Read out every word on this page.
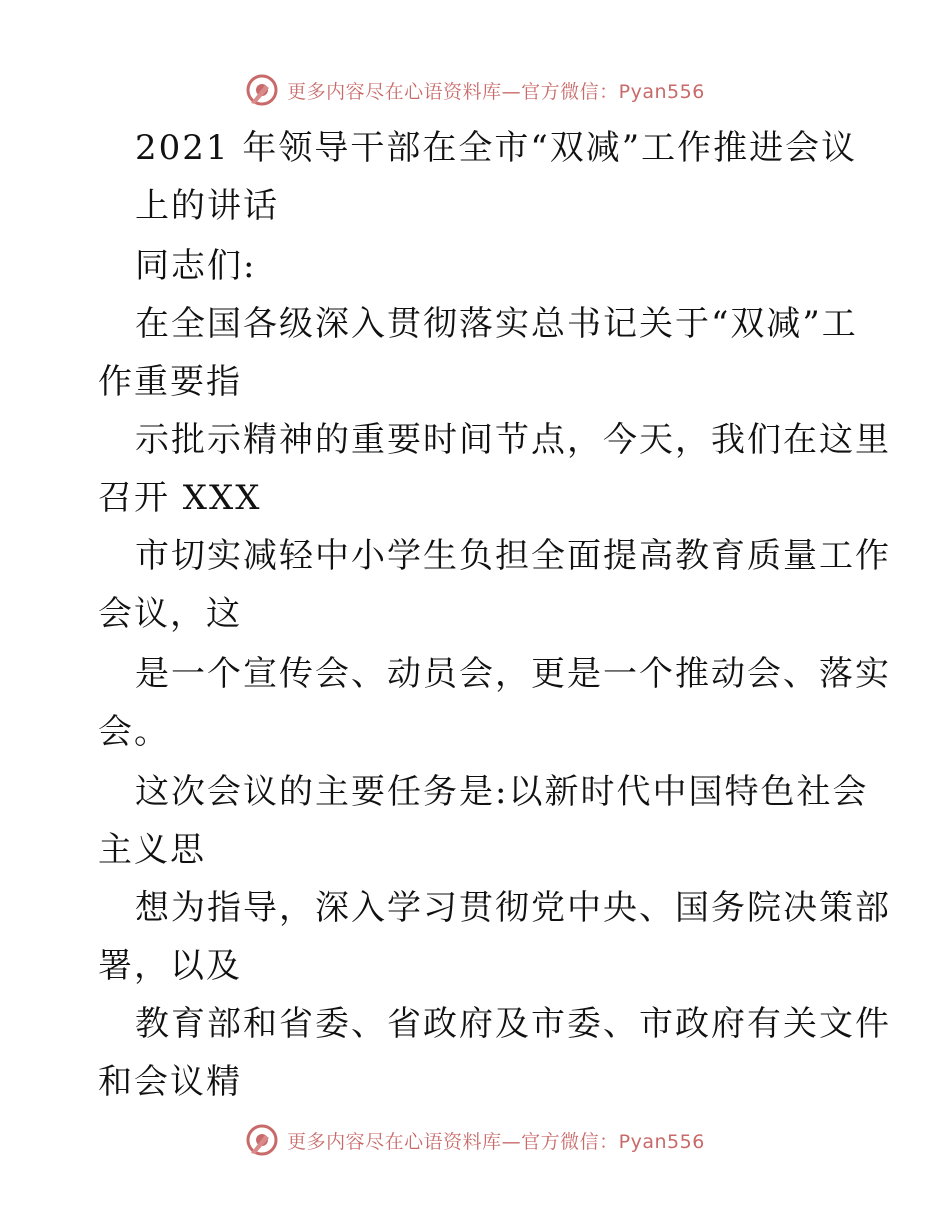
更多内容尽在心语资料库—官方微信：Pyan556
2021 年领导干部在全市“双减”工作推进会议
上的讲话
同志们:
在全国各级深入贯彻落实总书记关于“双减”工
作重要指
示批示精神的重要时间节点，今天，我们在这里
召开 XXX
市切实减轻中小学生负担全面提高教育质量工作
会议，这
是一个宣传会、动员会，更是一个推动会、落实
会。
这次会议的主要任务是:以新时代中国特色社会
主义思
想为指导，深入学习贯彻党中央、国务院决策部
署，以及
教育部和省委、省政府及市委、市政府有关文件
和会议精
更多内容尽在心语资料库—官方微信：Pyan556
